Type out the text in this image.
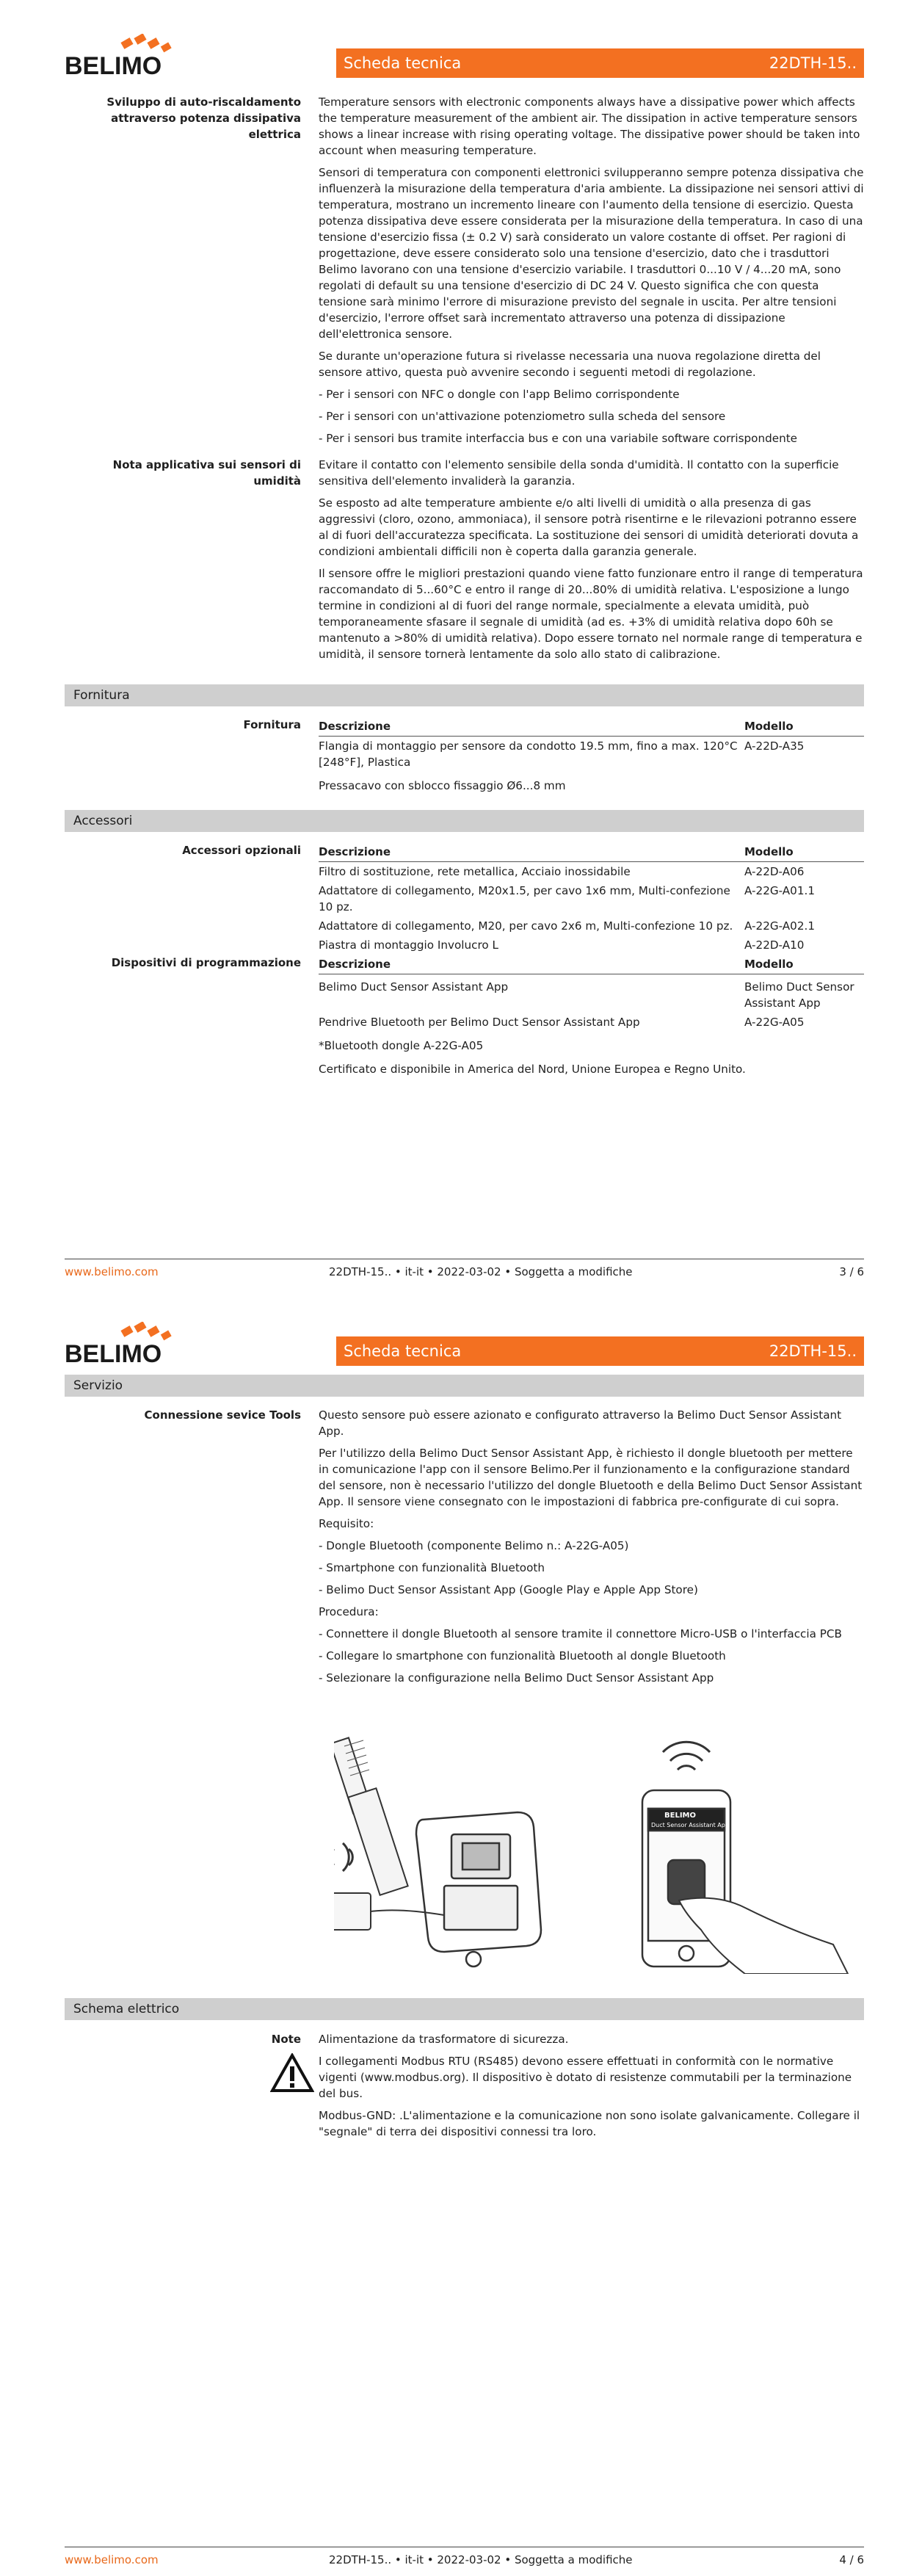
BELIMO	Scheda tecnica	22DTH-15..
Sviluppo di auto-riscaldamento attraverso potenza dissipativa elettrica

Temperature sensors with electronic components always have a dissipative power which affects the temperature measurement of the ambient air. The dissipation in active temperature sensors shows a linear increase with rising operating voltage. The dissipative power should be taken into account when measuring temperature.

Sensori di temperatura con componenti elettronici svilupperanno sempre potenza dissipativa che influenzerà la misurazione della temperatura d'aria ambiente. La dissipazione nei sensori attivi di temperatura, mostrano un incremento lineare con l'aumento della tensione di esercizio. Questa potenza dissipativa deve essere considerata per la misurazione della temperatura. In caso di una tensione d'esercizio fissa (± 0.2 V) sarà considerato un valore costante di offset. Per ragioni di progettazione, deve essere considerato solo una tensione d'esercizio, dato che i trasduttori Belimo lavorano con una tensione d'esercizio variabile. I trasduttori 0...10 V / 4...20 mA, sono regolati di default su una tensione d'esercizio di DC 24 V. Questo significa che con questa tensione sarà minimo l'errore di misurazione previsto del segnale in uscita. Per altre tensioni d'esercizio, l'errore offset sarà incrementato attraverso una potenza di dissipazione dell'elettronica sensore.

Se durante un'operazione futura si rivelasse necessaria una nuova regolazione diretta del sensore attivo, questa può avvenire secondo i seguenti metodi di regolazione.

- Per i sensori con NFC o dongle con l'app Belimo corrispondente

- Per i sensori con un'attivazione potenziometro sulla scheda del sensore

- Per i sensori bus tramite interfaccia bus e con una variabile software corrispondente

Nota applicativa sui sensori di umidità

Evitare il contatto con l'elemento sensibile della sonda d'umidità. Il contatto con la superficie sensitiva dell'elemento invaliderà la garanzia.

Se esposto ad alte temperature ambiente e/o alti livelli di umidità o alla presenza di gas aggressivi (cloro, ozono, ammoniaca), il sensore potrà risentirne e le rilevazioni potranno essere al di fuori dell'accuratezza specificata. La sostituzione dei sensori di umidità deteriorati dovuta a condizioni ambientali difficili non è coperta dalla garanzia generale.

Il sensore offre le migliori prestazioni quando viene fatto funzionare entro il range di temperatura raccomandato di 5...60°C e entro il range di 20...80% di umidità relativa. L'esposizione a lungo termine in condizioni al di fuori del range normale, specialmente a elevata umidità, può temporaneamente sfasare il segnale di umidità (ad es. +3% di umidità relativa dopo 60h se mantenuto a >80% di umidità relativa). Dopo essere tornato nel normale range di temperatura e umidità, il sensore tornerà lentamente da solo allo stato di calibrazione.

Fornitura
Fornitura	Descrizione	Modello
Flangia di montaggio per sensore da condotto 19.5 mm, fino a max. 120°C [248°F], Plastica	A-22D-A35
Pressacavo con sblocco fissaggio Ø6...8 mm	
Accessori
Accessori opzionali	Descrizione	Modello
Filtro di sostituzione, rete metallica, Acciaio inossidabile	A-22D-A06
Adattatore di collegamento, M20x1.5, per cavo 1x6 mm, Multi-confezione 10 pz.	A-22G-A01.1
Adattatore di collegamento, M20, per cavo 2x6 m, Multi-confezione 10 pz.	A-22G-A02.1
Piastra di montaggio Involucro L	A-22D-A10
Dispositivi di programmazione	Descrizione	Modello
Belimo Duct Sensor Assistant App	Belimo Duct Sensor Assistant App
Pendrive Bluetooth per Belimo Duct Sensor Assistant App	A-22G-A05
*Bluetooth dongle A-22G-A05	
Certificato e disponibile in America del Nord, Unione Europea e Regno Unito.	
www.belimo.com	22DTH-15.. • it-it • 2022-03-02 • Soggetta a modifiche	3 / 6
BELIMO	Scheda tecnica	22DTH-15..
Servizio
Connessione sevice Tools	Questo sensore può essere azionato e configurato attraverso la Belimo Duct Sensor Assistant App.

Per l'utilizzo della Belimo Duct Sensor Assistant App, è richiesto il dongle bluetooth per mettere in comunicazione l'app con il sensore Belimo.Per il funzionamento e la configurazione standard del sensore, non è necessario l'utilizzo del dongle Bluetooth e della Belimo Duct Sensor Assistant App. Il sensore viene consegnato con le impostazioni di fabbrica pre-configurate di cui sopra.

Requisito:

- Dongle Bluetooth (componente Belimo n.: A-22G-A05)

- Smartphone con funzionalità Bluetooth

- Belimo Duct Sensor Assistant App (Google Play e Apple App Store)

Procedura:

- Connettere il dongle Bluetooth al sensore tramite il connettore Micro-USB o l'interfaccia PCB

- Collegare lo smartphone con funzionalità Bluetooth al dongle Bluetooth

- Selezionare la configurazione nella Belimo Duct Sensor Assistant App

BELIMO
Duct Sensor Assistant App
Schema elettrico
Note	Alimentazione da trasformatore di sicurezza.

I collegamenti Modbus RTU (RS485) devono essere effettuati in conformità con le normative vigenti (www.modbus.org). Il dispositivo è dotato di resistenze commutabili per la terminazione del bus.

Modbus-GND: .L'alimentazione e la comunicazione non sono isolate galvanicamente. Collegare il "segnale" di terra dei dispositivi connessi tra loro.

www.belimo.com	22DTH-15.. • it-it • 2022-03-02 • Soggetta a modifiche	4 / 6
